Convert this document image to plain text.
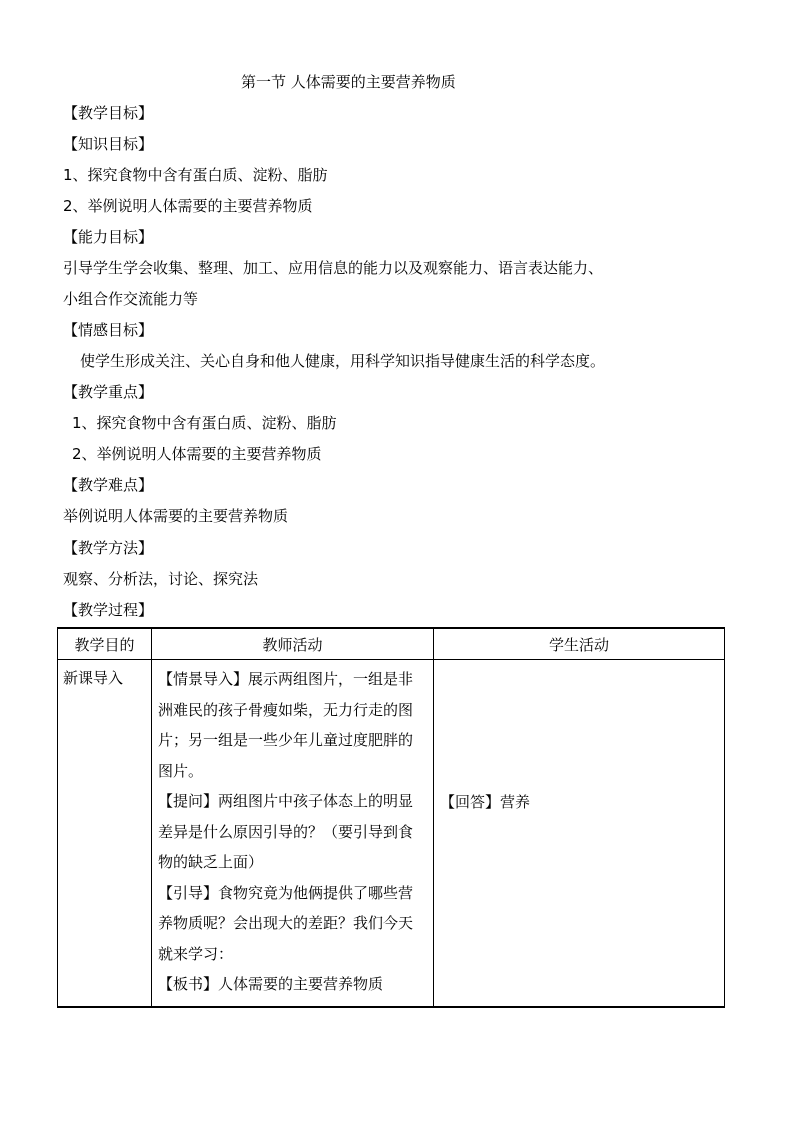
第一节 人体需要的主要营养物质
【教学目标】
【知识目标】
1、探究食物中含有蛋白质、淀粉、脂肪
2、举例说明人体需要的主要营养物质
【能力目标】
引导学生学会收集、整理、加工、应用信息的能力以及观察能力、语言表达能力、
小组合作交流能力等
【情感目标】
使学生形成关注、关心自身和他人健康，用科学知识指导健康生活的科学态度。
【教学重点】
1、探究食物中含有蛋白质、淀粉、脂肪
2、举例说明人体需要的主要营养物质
【教学难点】
举例说明人体需要的主要营养物质
【教学方法】
观察、分析法，讨论、探究法
【教学过程】
教学目的	教师活动	学生活动
新课导入	【情景导入】展示两组图片，一组是非洲难民的孩子骨瘦如柴，无力行走的图片；另一组是一些少年儿童过度肥胖的图片。

【提问】两组图片中孩子体态上的明显差异是什么原因引导的？（要引导到食物的缺乏上面）

【引导】食物究竟为他俩提供了哪些营养物质呢？会出现大的差距？我们今天就来学习：

【板书】人体需要的主要营养物质	【回答】营养
